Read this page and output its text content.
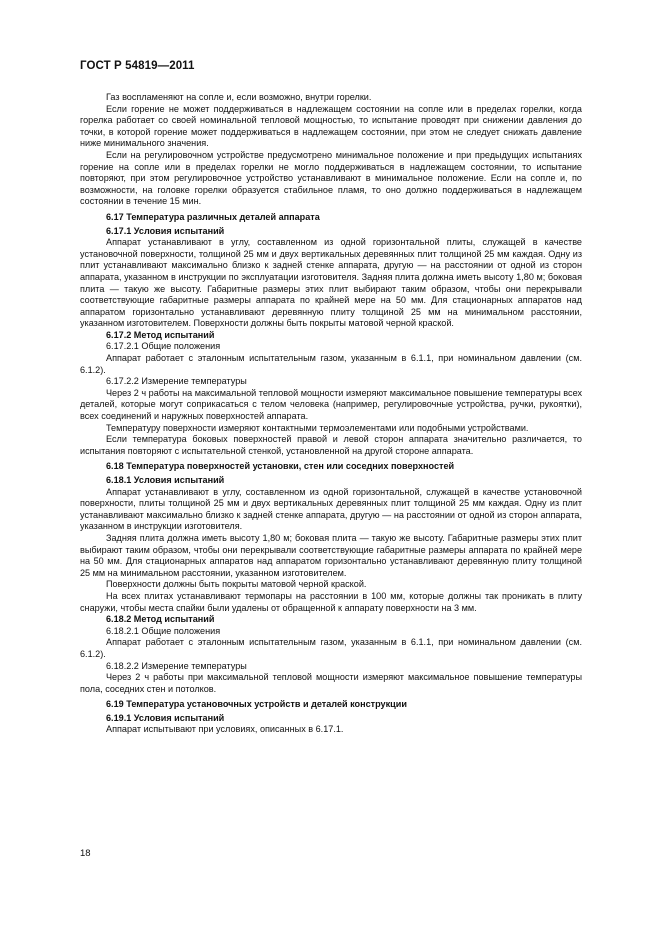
ГОСТ Р 54819—2011

Газ воспламеняют на сопле и, если возможно, внутри горелки.

Если горение не может поддерживаться в надлежащем состоянии на сопле или в пределах горелки, когда горелка работает со своей номинальной тепловой мощностью, то испытание проводят при снижении давления до точки, в которой горение может поддерживаться в надлежащем состоянии, при этом не следует снижать давление ниже минимального значения.

Если на регулировочном устройстве предусмотрено минимальное положение и при предыдущих испытаниях горение на сопле или в пределах горелки не могло поддерживаться в надлежащем состоянии, то испытание повторяют, при этом регулировочное устройство устанавливают в минимальное положение. Если на сопле и, по возможности, на головке горелки образуется стабильное пламя, то оно должно поддерживаться в надлежащем состоянии в течение 15 мин.

6.17 Температура различных деталей аппарата

6.17.1 Условия испытаний

Аппарат устанавливают в углу, составленном из одной горизонтальной плиты, служащей в качестве установочной поверхности, толщиной 25 мм и двух вертикальных деревянных плит толщиной 25 мм каждая. Одну из плит устанавливают максимально близко к задней стенке аппарата, другую — на расстоянии от одной из сторон аппарата, указанном в инструкции по эксплуатации изготовителя. Задняя плита должна иметь высоту 1,80 м; боковая плита — такую же высоту. Габаритные размеры этих плит выбирают таким образом, чтобы они перекрывали соответствующие габаритные размеры аппарата по крайней мере на 50 мм. Для стационарных аппаратов над аппаратом горизонтально устанавливают деревянную плиту толщиной 25 мм на минимальном расстоянии, указанном изготовителем. Поверхности должны быть покрыты матовой черной краской.

6.17.2 Метод испытаний

6.17.2.1 Общие положения

Аппарат работает с эталонным испытательным газом, указанным в 6.1.1, при номинальном давлении (см. 6.1.2).

6.17.2.2 Измерение температуры

Через 2 ч работы на максимальной тепловой мощности измеряют максимальное повышение температуры всех деталей, которые могут соприкасаться с телом человека (например, регулировочные устройства, ручки, рукоятки), всех соединений и наружных поверхностей аппарата.

Температуру поверхности измеряют контактными термоэлементами или подобными устройствами.

Если температура боковых поверхностей правой и левой сторон аппарата значительно различается, то испытания повторяют с испытательной стенкой, установленной на другой стороне аппарата.

6.18 Температура поверхностей установки, стен или соседних поверхностей

6.18.1 Условия испытаний

Аппарат устанавливают в углу, составленном из одной горизонтальной, служащей в качестве установочной поверхности, плиты толщиной 25 мм и двух вертикальных деревянных плит толщиной 25 мм каждая. Одну из плит устанавливают максимально близко к задней стенке аппарата, другую — на расстоянии от одной из сторон аппарата, указанном в инструкции изготовителя.

Задняя плита должна иметь высоту 1,80 м; боковая плита — такую же высоту. Габаритные размеры этих плит выбирают таким образом, чтобы они перекрывали соответствующие габаритные размеры аппарата по крайней мере на 50 мм. Для стационарных аппаратов над аппаратом горизонтально устанавливают деревянную плиту толщиной 25 мм на минимальном расстоянии, указанном изготовителем.

Поверхности должны быть покрыты матовой черной краской.

На всех плитах устанавливают термопары на расстоянии в 100 мм, которые должны так проникать в плиту снаружи, чтобы места спайки были удалены от обращенной к аппарату поверхности на 3 мм.

6.18.2 Метод испытаний

6.18.2.1 Общие положения

Аппарат работает с эталонным испытательным газом, указанным в 6.1.1, при номинальном давлении (см. 6.1.2).

6.18.2.2 Измерение температуры

Через 2 ч работы при максимальной тепловой мощности измеряют максимальное повышение температуры пола, соседних стен и потолков.

6.19 Температура установочных устройств и деталей конструкции

6.19.1 Условия испытаний

Аппарат испытывают при условиях, описанных в 6.17.1.

18
